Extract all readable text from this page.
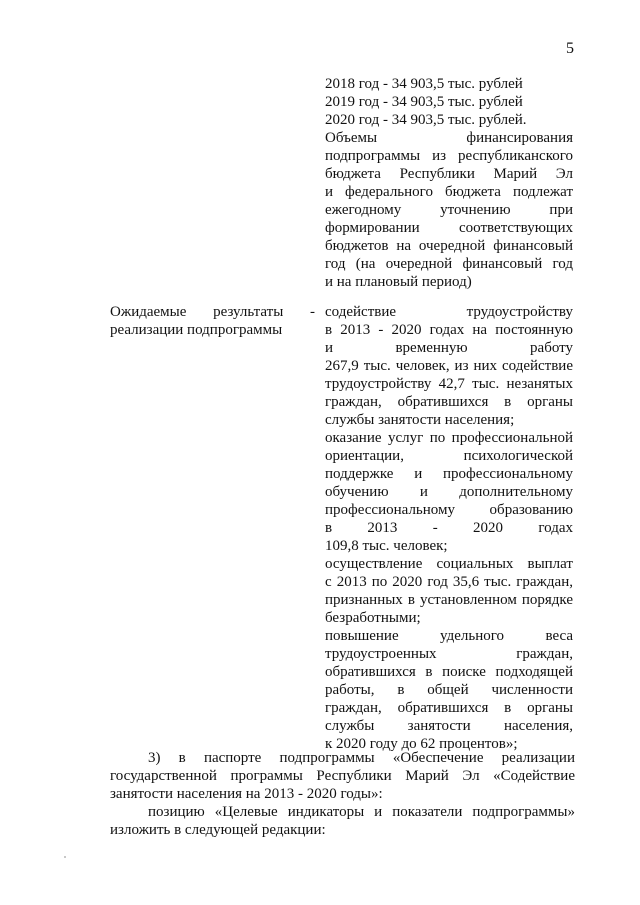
5
2018 год - 34 903,5 тыс. рублей
2019 год - 34 903,5 тыс. рублей
2020 год - 34 903,5 тыс. рублей.
Объемы финансирования
подпрограммы из республиканского
бюджета Республики Марий Эл
и федерального бюджета подлежат
ежегодному уточнению при
формировании соответствующих
бюджетов на очередной финансовый
год (на очередной финансовый год
и на плановый период)
Ожидаемые результаты -
реализации подпрограммы
содействие трудоустройству
в 2013 - 2020 годах на постоянную
и временную работу
267,9 тыс. человек, из них содействие
трудоустройству 42,7 тыс. незанятых
граждан, обратившихся в органы
службы занятости населения;
оказание услуг по профессиональной
ориентации, психологической
поддержке и профессиональному
обучению и дополнительному
профессиональному образованию
в 2013 - 2020 годах
109,8 тыс. человек;
осуществление социальных выплат
с 2013 по 2020 год 35,6 тыс. граждан,
признанных в установленном порядке
безработными;
повышение удельного веса
трудоустроенных граждан,
обратившихся в поиске подходящей
работы, в общей численности
граждан, обратившихся в органы
службы занятости населения,
к 2020 году до 62 процентов»;
3) в паспорте подпрограммы «Обеспечение реализации
государственной программы Республики Марий Эл «Содействие
занятости населения на 2013 - 2020 годы»:
позицию «Целевые индикаторы и показатели подпрограммы»
изложить в следующей редакции:
